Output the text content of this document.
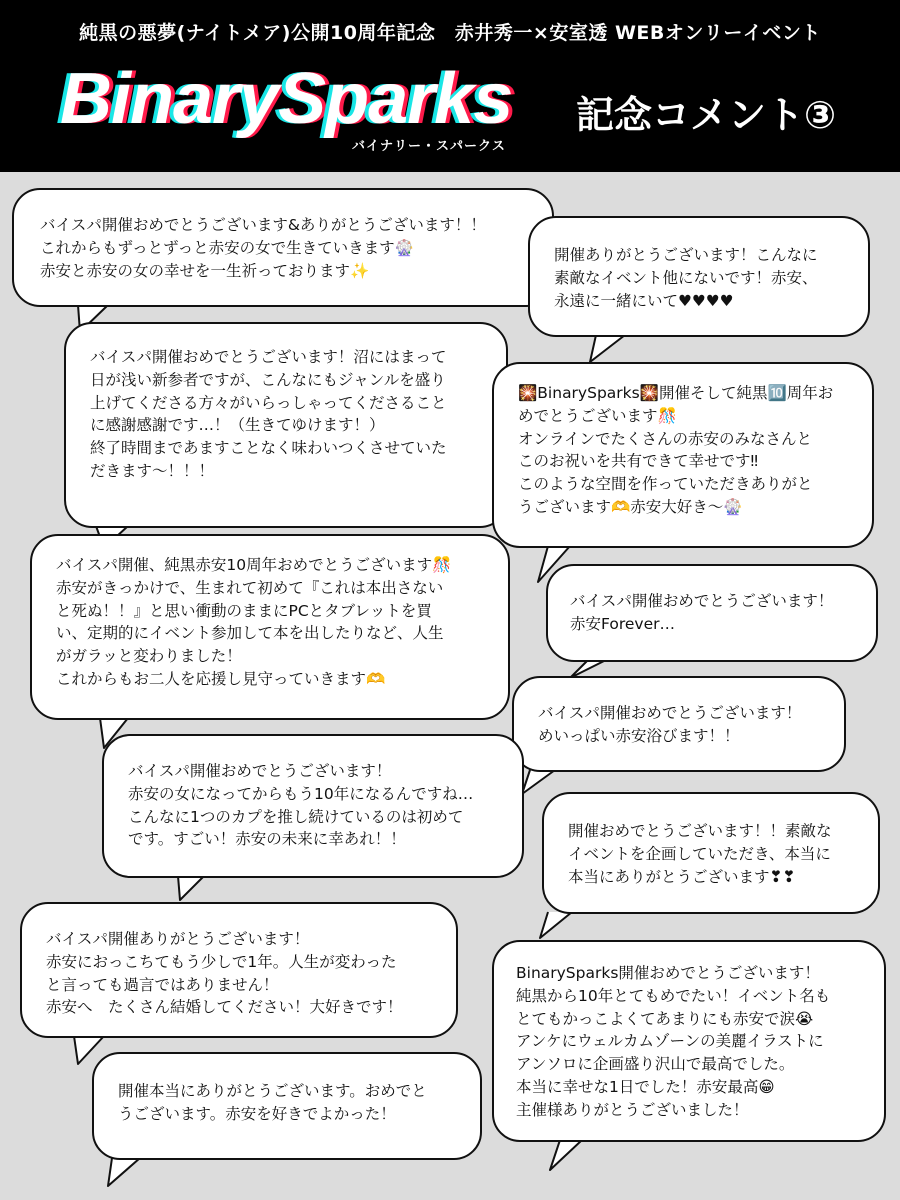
純黒の悪夢(ナイトメア)公開10周年記念　赤井秀一×安室透 WEBオンリーイベント
BinarySparks
バイナリー・スパークス
記念コメント③
バイスパ開催おめでとうございます&ありがとうございます！！
これからもずっとずっと赤安の女で生きていきます🎡
赤安と赤安の女の幸せを一生祈っております✨
開催ありがとうございます！こんなに
素敵なイベント他にないです！赤安、
永遠に一緒にいて♥♥♥♥
バイスパ開催おめでとうございます！沼にはまって
日が浅い新参者ですが、こんなにもジャンルを盛り
上げてくださる方々がいらっしゃってくださること
に感謝感謝です…！（生きてゆけます！）
終了時間まであますことなく味わいつくさせていた
だきます〜！！！
🎇BinarySparks🎇開催そして純黒🔟周年お
めでとうございます🎊
オンラインでたくさんの赤安のみなさんと
このお祝いを共有できて幸せです‼
このような空間を作っていただきありがと
うございます🫶赤安大好き〜🎡
バイスパ開催、純黒赤安10周年おめでとうございます🎊
赤安がきっかけで、生まれて初めて『これは本出さない
と死ぬ！！』と思い衝動のままにPCとタブレットを買
い、定期的にイベント参加して本を出したりなど、人生
がガラッと変わりました！
これからもお二人を応援し見守っていきます🫶
バイスパ開催おめでとうございます！
赤安Forever…
バイスパ開催おめでとうございます！
めいっぱい赤安浴びます！！
バイスパ開催おめでとうございます！
赤安の女になってからもう10年になるんですね…
こんなに1つのカプを推し続けているのは初めて
です。すごい！赤安の未来に幸あれ！！	開催おめでとうございます！！素敵な
イベントを企画していただき、本当に
本当にありがとうございます❣❣
バイスパ開催ありがとうございます！
赤安におっこちてもう少しで1年。人生が変わった
と言っても過言ではありません！
赤安へ　たくさん結婚してください！大好きです！
BinarySparks開催おめでとうございます！
純黒から10年とてもめでたい！イベント名も
とてもかっこよくてあまりにも赤安で涙😭
アンケにウェルカムゾーンの美麗イラストに
アンソロに企画盛り沢山で最高でした。
本当に幸せな1日でした！赤安最高😁
主催様ありがとうございました！
開催本当にありがとうございます。おめでと
うございます。赤安を好きでよかった！
